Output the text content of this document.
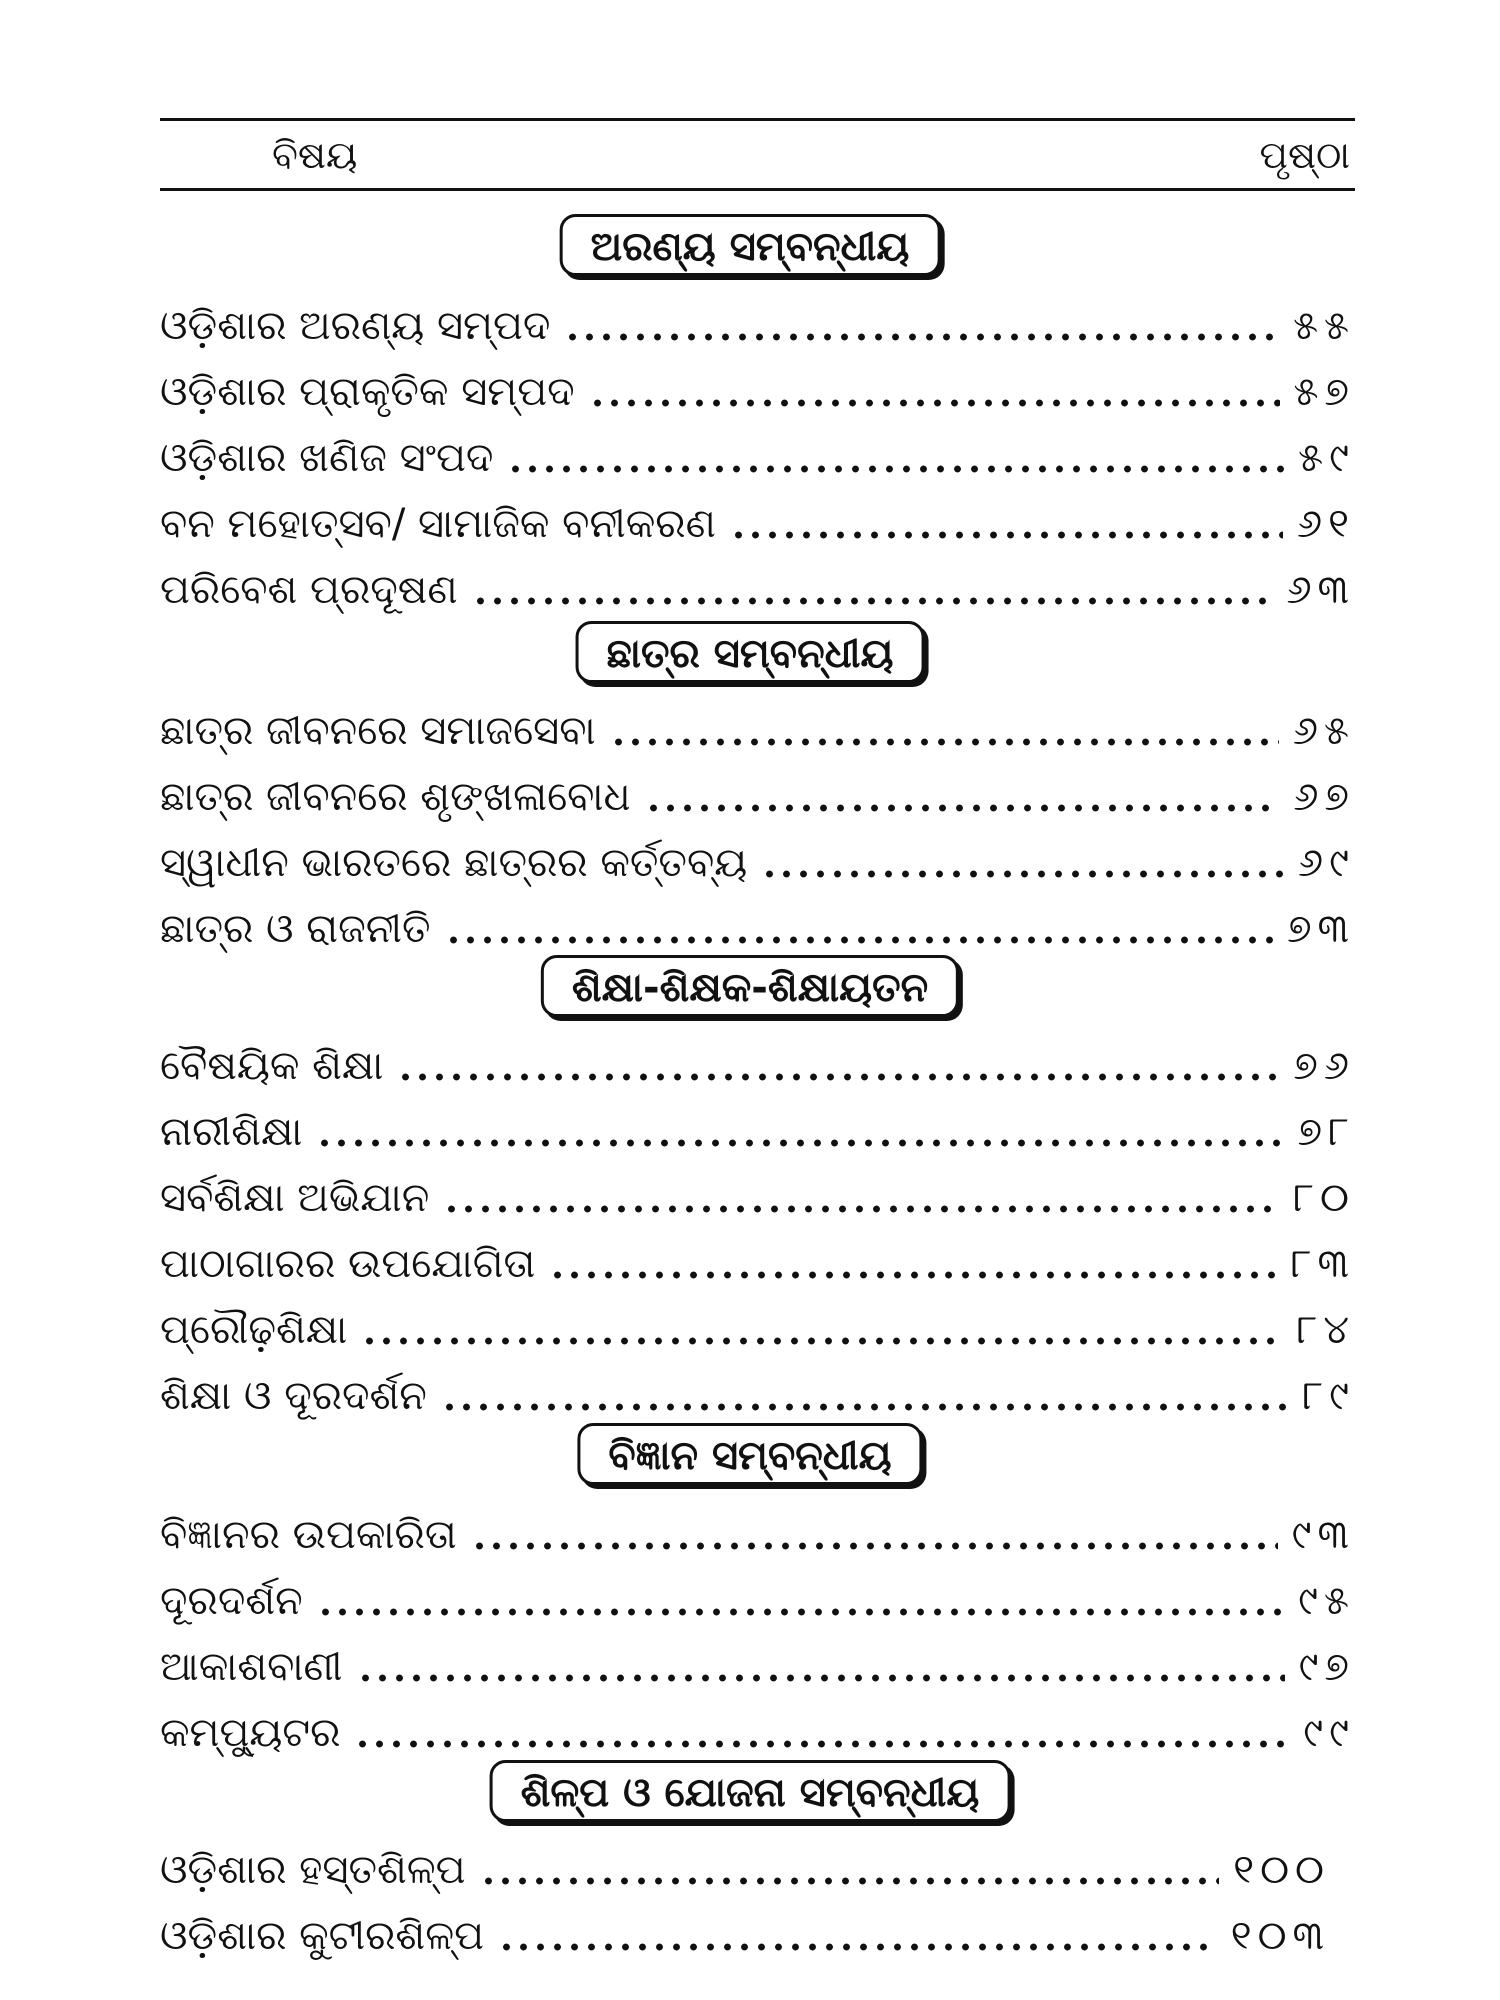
ବିଷୟ	ପୃଷ୍ଠା
ଅରଣ୍ୟ ସମ୍ବନ୍ଧୀୟ
ଓଡ଼ିଶାର ଅରଣ୍ୟ ସମ୍ପଦ	୫୫
ଓଡ଼ିଶାର ପ୍ରାକୃତିକ ସମ୍ପଦ	୫୭
ଓଡ଼ିଶାର ଖଣିଜ ସଂପଦ	୫୯
ବନ ମହୋତ୍ସବ/ ସାମାଜିକ ବନୀକରଣ	୬୧
ପରିବେଶ ପ୍ରଦୂଷଣ	୬୩
ଛାତ୍ର ସମ୍ବନ୍ଧୀୟ
ଛାତ୍ର ଜୀବନରେ ସମାଜସେବା	୬୫
ଛାତ୍ର ଜୀବନରେ ଶୃଙ୍ଖଳାବୋଧ	୬୭
ସ୍ୱାଧୀନ ଭାରତରେ ଛାତ୍ରର କର୍ତ୍ତବ୍ୟ	୬୯
ଛାତ୍ର ଓ ରାଜନୀତି	୭୩
ଶିକ୍ଷା-ଶିକ୍ଷକ-ଶିକ୍ଷାୟତନ
ବୈଷୟିକ ଶିକ୍ଷା	୭୬
ନାରୀଶିକ୍ଷା	୭୮
ସର୍ବଶିକ୍ଷା ଅଭିଯାନ	୮୦
ପାଠାଗାରର ଉପଯୋଗିତା	୮୩
ପ୍ରୌଢ଼ଶିକ୍ଷା	୮୪
ଶିକ୍ଷା ଓ ଦୂରଦର୍ଶନ	୮୯
ବିଜ୍ଞାନ ସମ୍ବନ୍ଧୀୟ
ବିଜ୍ଞାନର ଉପକାରିତା	୯୩
ଦୂରଦର୍ଶନ	୯୫
ଆକାଶବାଣୀ	୯୭
କମ୍ପ୍ୟୁଟର	୯୯
ଶିଳ୍ପ ଓ ଯୋଜନା ସମ୍ବନ୍ଧୀୟ
ଓଡ଼ିଶାର ହସ୍ତଶିଳ୍ପ	୧୦୦
ଓଡ଼ିଶାର କୁଟୀରଶିଳ୍ପ	୧୦୩
